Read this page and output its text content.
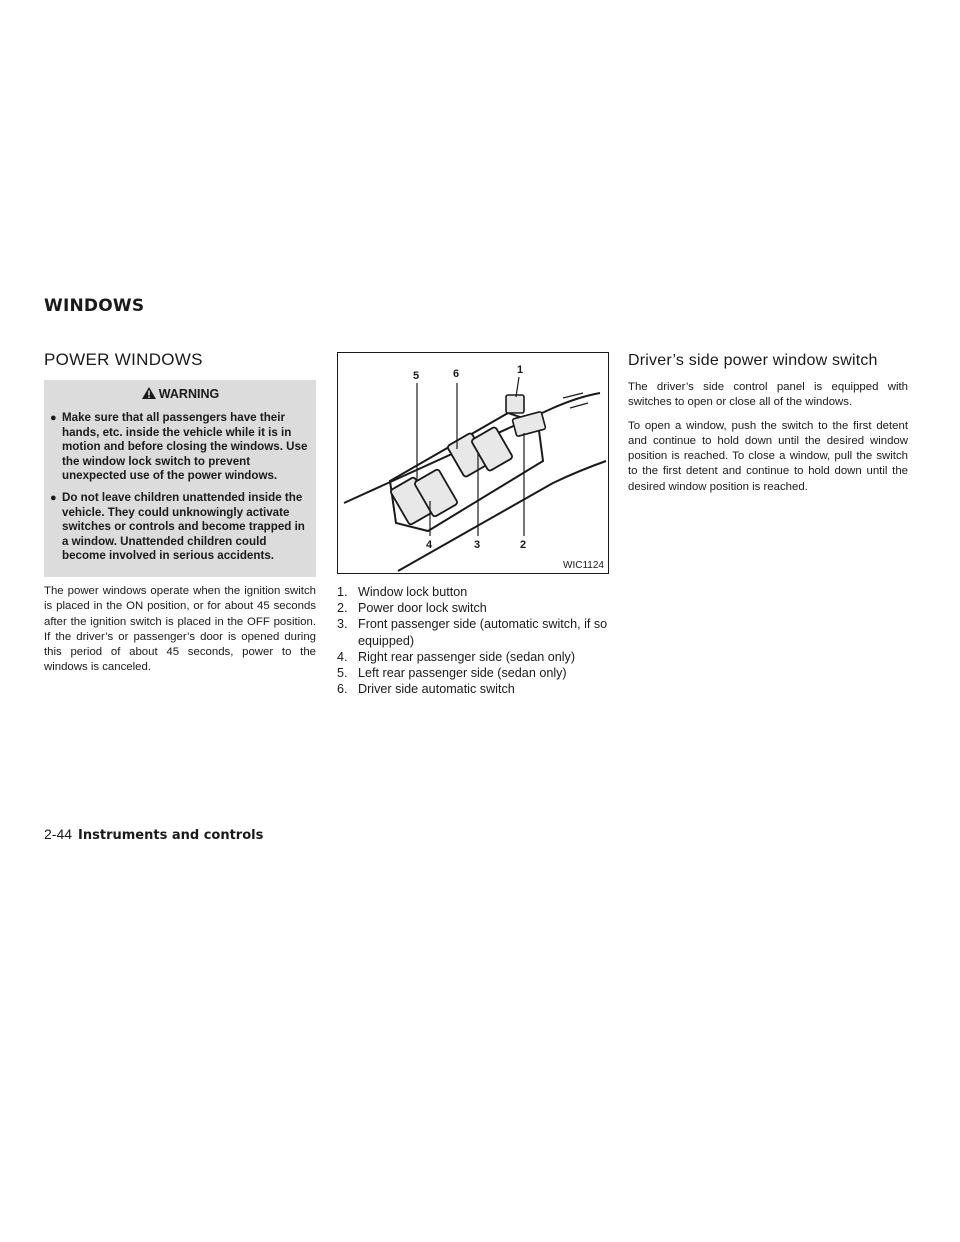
WINDOWS
POWER WINDOWS
WARNING
● Make sure that all passengers have their hands, etc. inside the vehicle while it is in motion and before closing the windows. Use the window lock switch to prevent unexpected use of the power windows.
● Do not leave children unattended inside the vehicle. They could unknowingly activate switches or controls and become trapped in a window. Unattended children could become involved in serious accidents.

The power windows operate when the ignition switch is placed in the ON position, or for about 45 seconds after the ignition switch is placed in the OFF position. If the driver’s or passenger’s door is opened during this period of about 45 seconds, power to the windows is canceled.

1
2
3
4
5	6
WIC1124
1. Window lock button
2. Power door lock switch
3. Front passenger side (automatic switch, if so equipped)
4. Right rear passenger side (sedan only)
5. Left rear passenger side (sedan only)
6. Driver side automatic switch
Driver’s side power window switch

The driver’s side control panel is equipped with switches to open or close all of the windows.

To open a window, push the switch to the first detent and continue to hold down until the desired window position is reached. To close a window, pull the switch to the first detent and continue to hold down until the desired window position is reached.

2-44 Instruments and controls
